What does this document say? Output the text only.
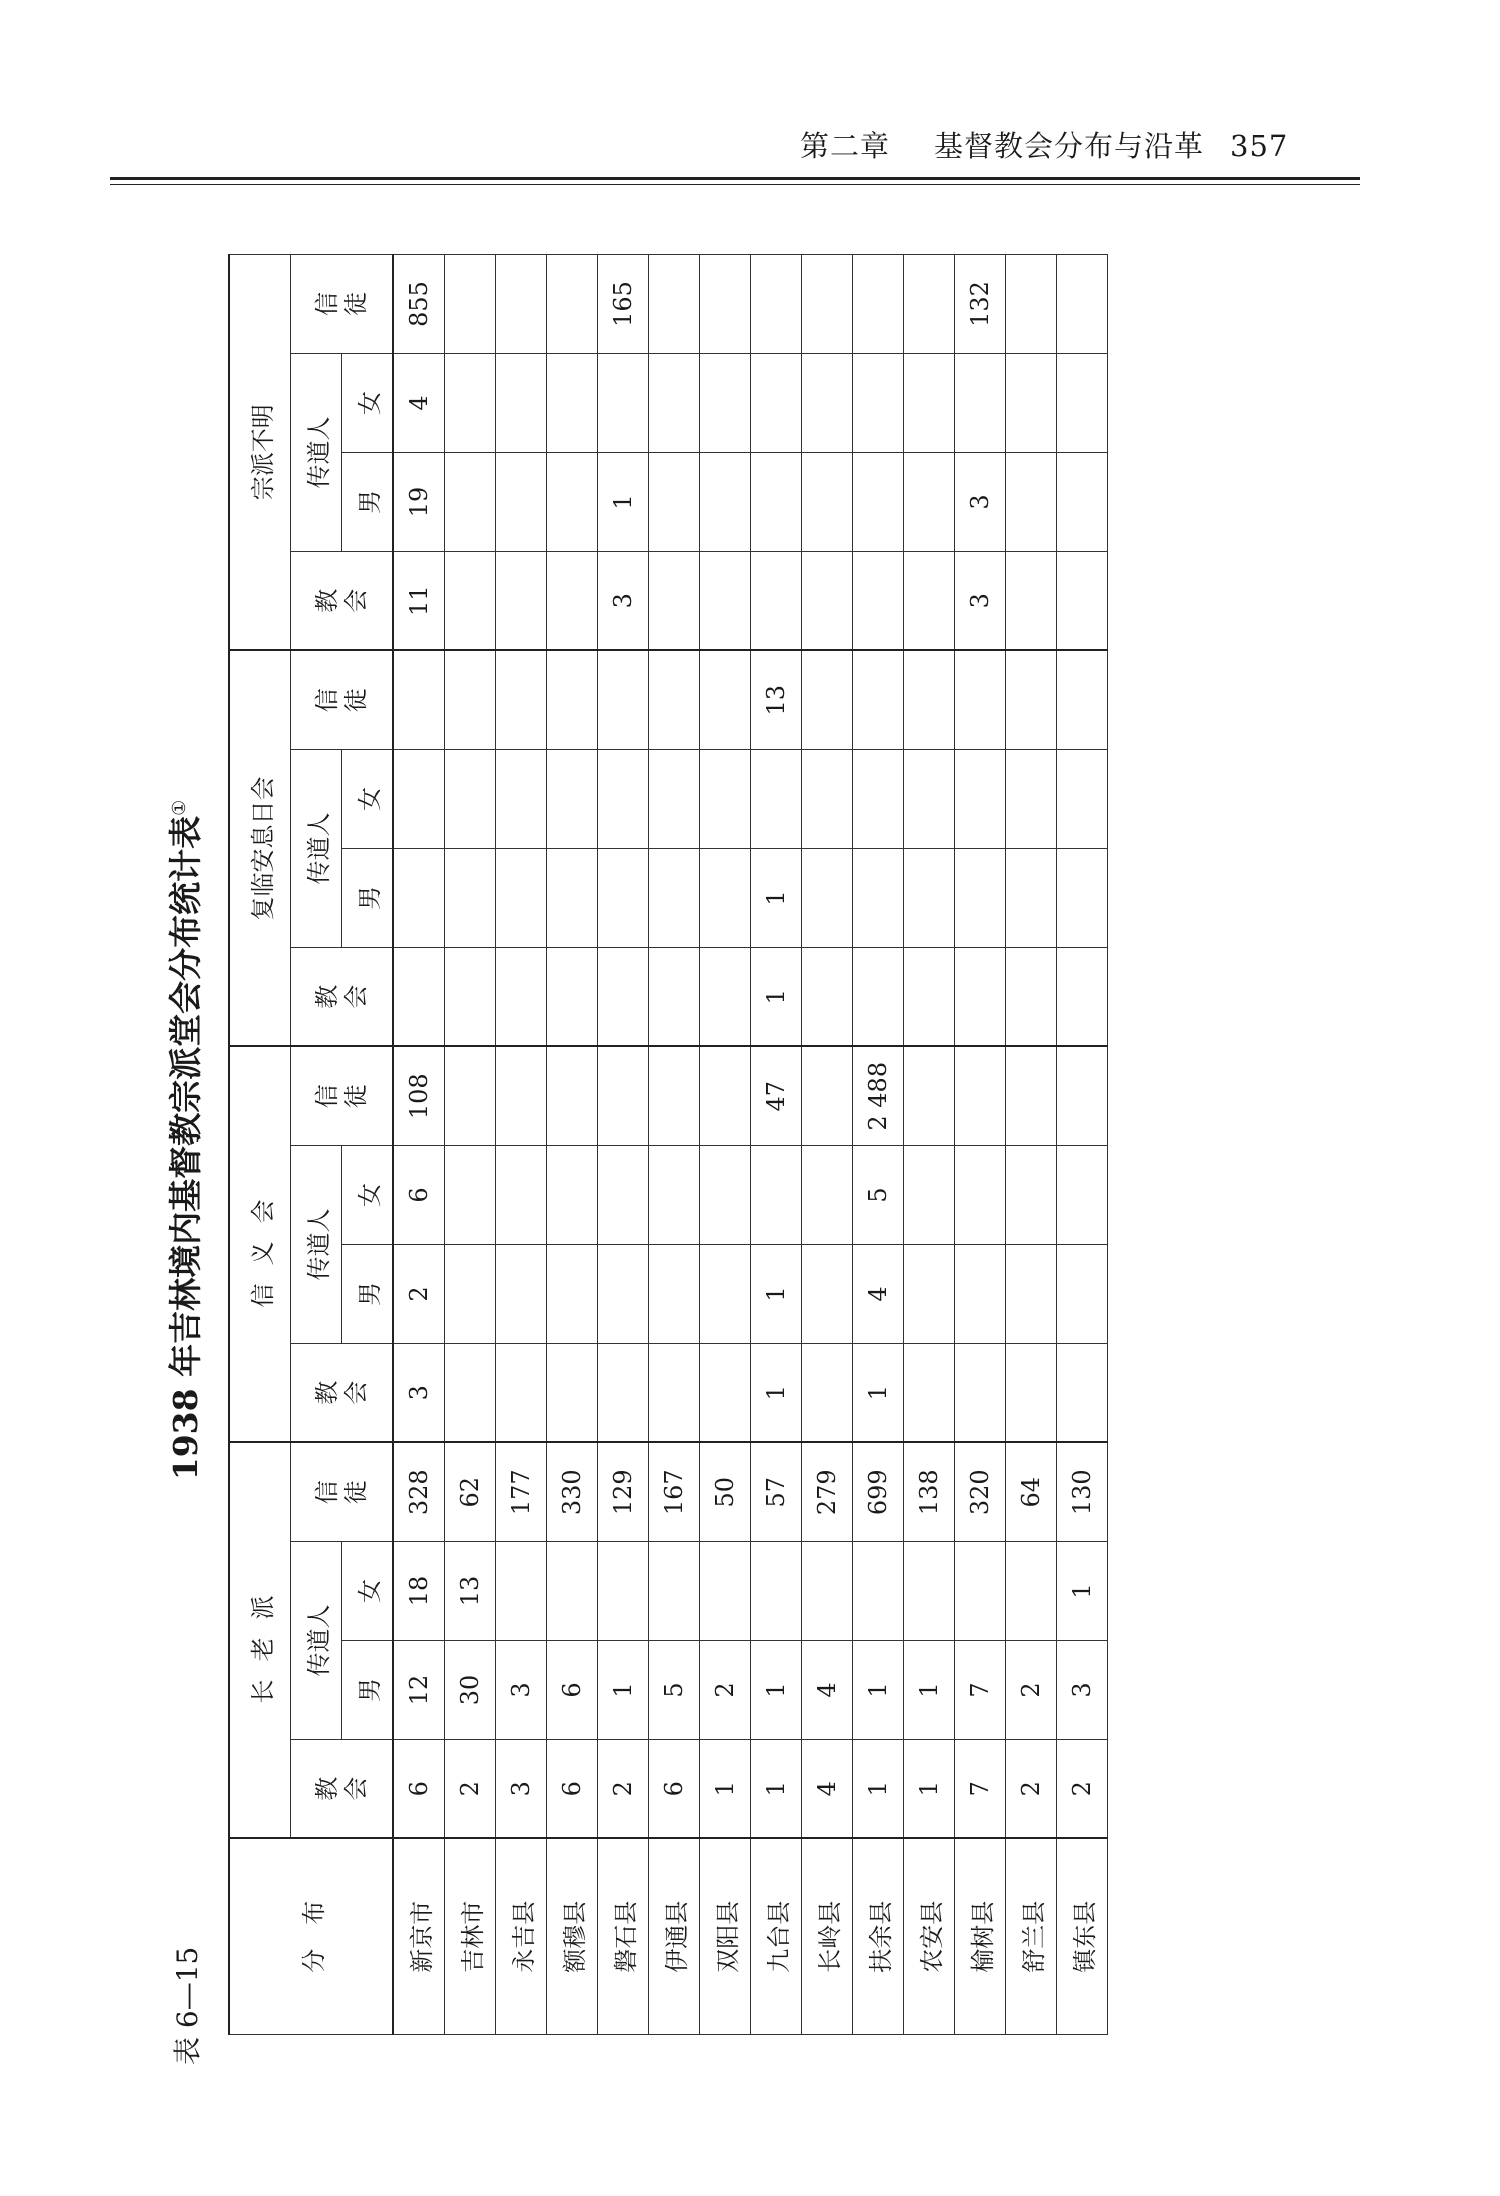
第二章 基督教会分布与沿革 357
表 6—15
1938 年吉林境内基督教宗派堂会分布统计表①
分　布	长老派				信义会				复临安息日会				宗派不明			

	教 会	传道人		信 徒	教 会	传道人		信 徒	教 会	传道人		信 徒	教 会	传道人		信 徒

		男	女			男	女			男	女			男	女	
新京市	6	12	18	328	3	2	6	108					11	19	4	855
吉林市	2	30	13	62												
永吉县	3	3		177												
额穆县	6	6		330												
磐石县	2	1		129									3	1		165
伊通县	6	5		167												
双阳县	1	2		50												
九台县	1	1		57	1	1		47	1	1		13				
长岭县	4	4		279												
扶余县	1	1		699	1	4	5	2 488								
农安县	1	1		138												
榆树县	7	7		320									3	3		132
舒兰县	2	2		64												
镇东县	2	3	1	130												
